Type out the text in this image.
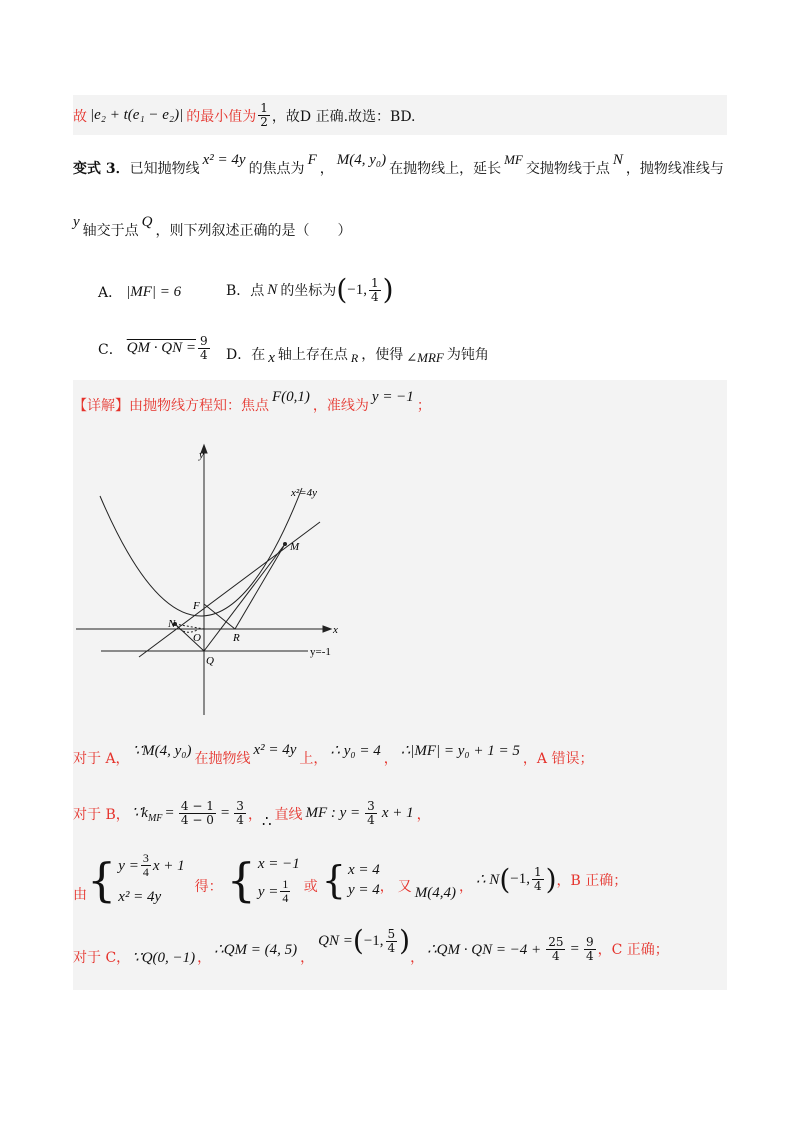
故 |e₂ + t(e₁ − e₂)| 的最小值为 $\frac{1}{2}$ ，故D 正确.故选：BD.
变式 3． 已知抛物线
x² = 4y
的焦点为
F
，
M(4, y₀)
在抛物线上，延长
MF
交抛物线于点
N
，抛物线准线与
y
轴交于点
Q
，则下列叙述正确的是（　　）
A． |MF| = 6	B．点 N 的坐标为 ( −1, $\frac{1}{4}$ )
C． QM · QN = $\frac{9}{4}$ D．在 x 轴上存在点 R ，使得 ∠MRF 为钝角
【详解】 由抛物线方程知：焦点
F(0,1)
，准线为
y = −1
；
y
x
x²=4y
M
F
N
O	R
Q
y=-1
对于 A，
∵M(4, y₀)
在抛物线
x² = 4y
上，
∴ y₀ = 4
，
∴|MF| = y₀ + 1 = 5
，A 错误；
对于 B， $\because k_{MF} = \frac{4 - 1}{4 - 0} = \frac{3}{4}$ ， ∴ 直线 MF : $y = \frac{3}{4}$ x + 1 ，
由 { $y = \frac{3}{4}$ x + 1
x² = 4y
得： { x = −1
$y = \frac{1}{4}$ 或 { x = 4
y = 4 ， 又 M(4,4) ， ∴ N ( −1, $\frac{1}{4}$ ) ，B 正确；
对于 C， ∵Q(0, −1) ，
∴QM = (4, 5)
，
QN = ( −1, $\frac{5}{4}$ )
，
∴QM · QN = $-4 + \frac{25}{4} = \frac{9}{4}$ ，C 正确；
